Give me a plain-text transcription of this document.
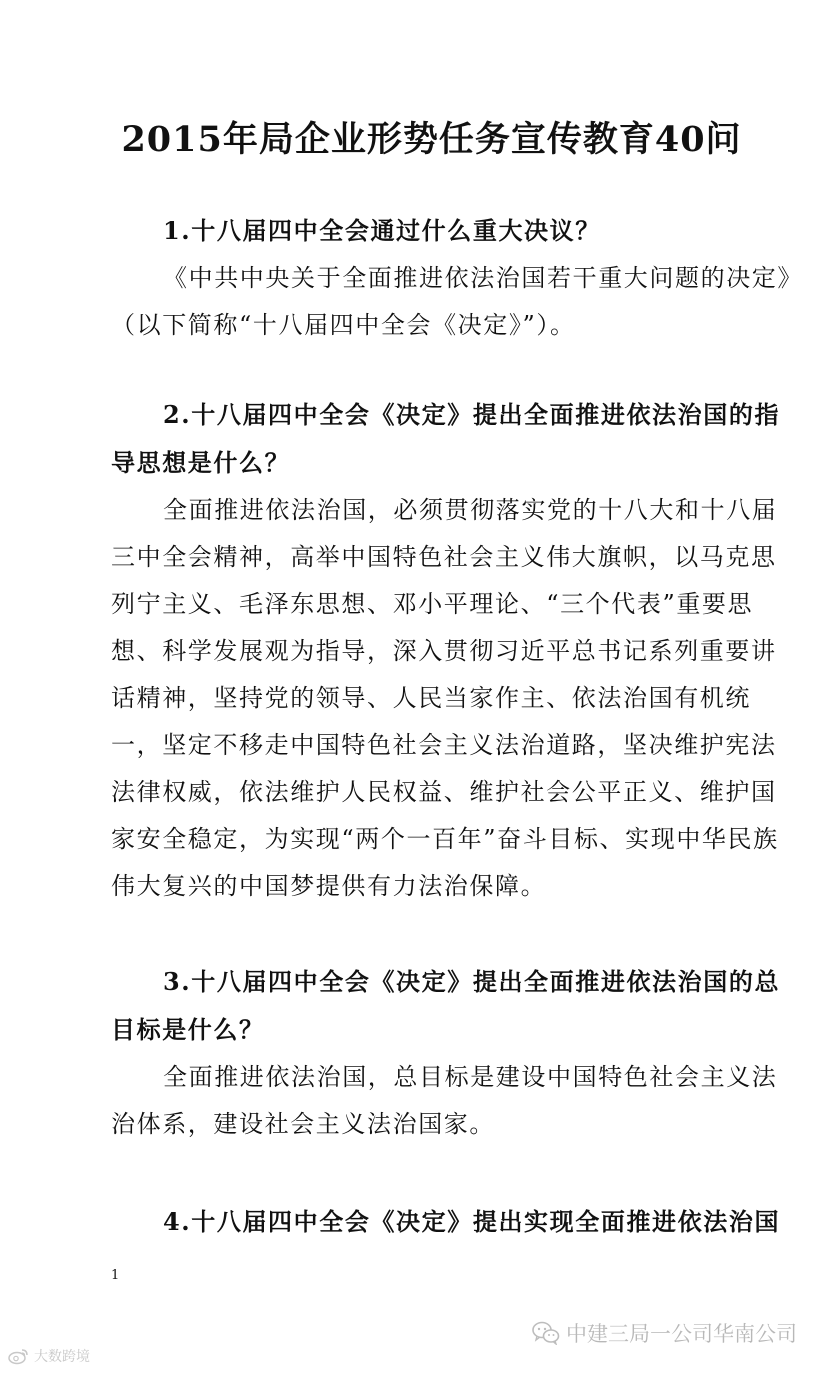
2015年局企业形势任务宣传教育40问

1.十八届四中全会通过什么重大决议？

《中共中央关于全面推进依法治国若干重大问题的决定》（以下简称“十八届四中全会《决定》”）。

2.十八届四中全会《决定》提出全面推进依法治国的指导思想是什么？

全面推进依法治国，必须贯彻落实党的十八大和十八届三中全会精神，高举中国特色社会主义伟大旗帜，以马克思列宁主义、毛泽东思想、邓小平理论、“三个代表”重要思想、科学发展观为指导，深入贯彻习近平总书记系列重要讲话精神，坚持党的领导、人民当家作主、依法治国有机统一，坚定不移走中国特色社会主义法治道路，坚决维护宪法法律权威，依法维护人民权益、维护社会公平正义、维护国家安全稳定，为实现“两个一百年”奋斗目标、实现中华民族伟大复兴的中国梦提供有力法治保障。

3.十八届四中全会《决定》提出全面推进依法治国的总目标是什么？

全面推进依法治国，总目标是建设中国特色社会主义法治体系，建设社会主义法治国家。

4.十八届四中全会《决定》提出实现全面推进依法治国

1
中建三局一公司华南公司
大数跨境
